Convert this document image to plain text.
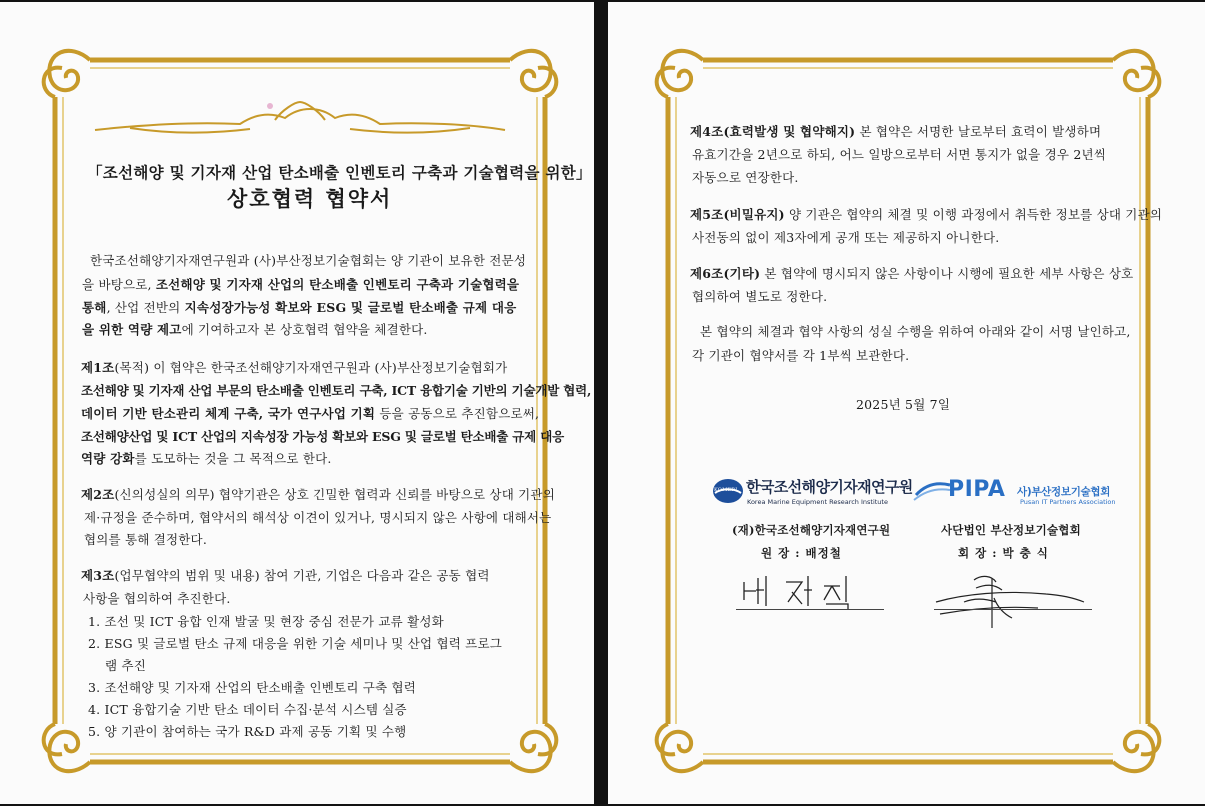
「조선해양 및 기자재 산업 탄소배출 인벤토리 구축과 기술협력을 위한」
상호협력 협약서
한국조선해양기자재연구원과 (사)부산정보기술협회는 양 기관이 보유한 전문성
을 바탕으로, 조선해양 및 기자재 산업의 탄소배출 인벤토리 구축과 기술협력을
통해, 산업 전반의 지속성장가능성 확보와 ESG 및 글로벌 탄소배출 규제 대응
을 위한 역량 제고에 기여하고자 본 상호협력 협약을 체결한다.
제1조(목적) 이 협약은 한국조선해양기자재연구원과 (사)부산정보기술협회가
조선해양 및 기자재 산업 부문의 탄소배출 인벤토리 구축, ICT 융합기술 기반의 기술개발 협력,
데이터 기반 탄소관리 체계 구축, 국가 연구사업 기획 등을 공동으로 추진함으로써,
조선해양산업 및 ICT 산업의 지속성장 가능성 확보와 ESG 및 글로벌 탄소배출 규제 대응
역량 강화를 도모하는 것을 그 목적으로 한다.
제2조(신의성실의 의무) 협약기관은 상호 긴밀한 협력과 신뢰를 바탕으로 상대 기관의
제·규정을 준수하며, 협약서의 해석상 이견이 있거나, 명시되지 않은 사항에 대해서는
협의를 통해 결정한다.
제3조(업무협약의 범위 및 내용) 참여 기관, 기업은 다음과 같은 공동 협력
사항을 협의하여 추진한다.
1. 조선 및 ICT 융합 인재 발굴 및 현장 중심 전문가 교류 활성화
2. ESG 및 글로벌 탄소 규제 대응을 위한 기술 세미나 및 산업 협력 프로그
램 추진
3. 조선해양 및 기자재 산업의 탄소배출 인벤토리 구축 협력
4. ICT 융합기술 기반 탄소 데이터 수집·분석 시스템 실증
5. 양 기관이 참여하는 국가 R&D 과제 공동 기획 및 수행
제4조(효력발생 및 협약해지) 본 협약은 서명한 날로부터 효력이 발생하며
유효기간을 2년으로 하되, 어느 일방으로부터 서면 통지가 없을 경우 2년씩
자동으로 연장한다.
제5조(비밀유지) 양 기관은 협약의 체결 및 이행 과정에서 취득한 정보를 상대 기관의
사전동의 없이 제3자에게 공개 또는 제공하지 아니한다.
제6조(기타) 본 협약에 명시되지 않은 사항이나 시행에 필요한 세부 사항은 상호
협의하여 별도로 정한다.
본 협약의 체결과 협약 사항의 성실 수행을 위하여 아래와 같이 서명 날인하고,
각 기관이 협약서를 각 1부씩 보관한다.
2025년 5월 7일
KOMERI 한국조선해양기자재연구원
Korea Marine Equipment Research Institute
(재)한국조선해양기자재연구원
원 장 : 배정철
PIPA 사)부산정보기술협회
Pusan IT Partners Association
사단법인 부산정보기술협회
회 장 : 박 충 식
